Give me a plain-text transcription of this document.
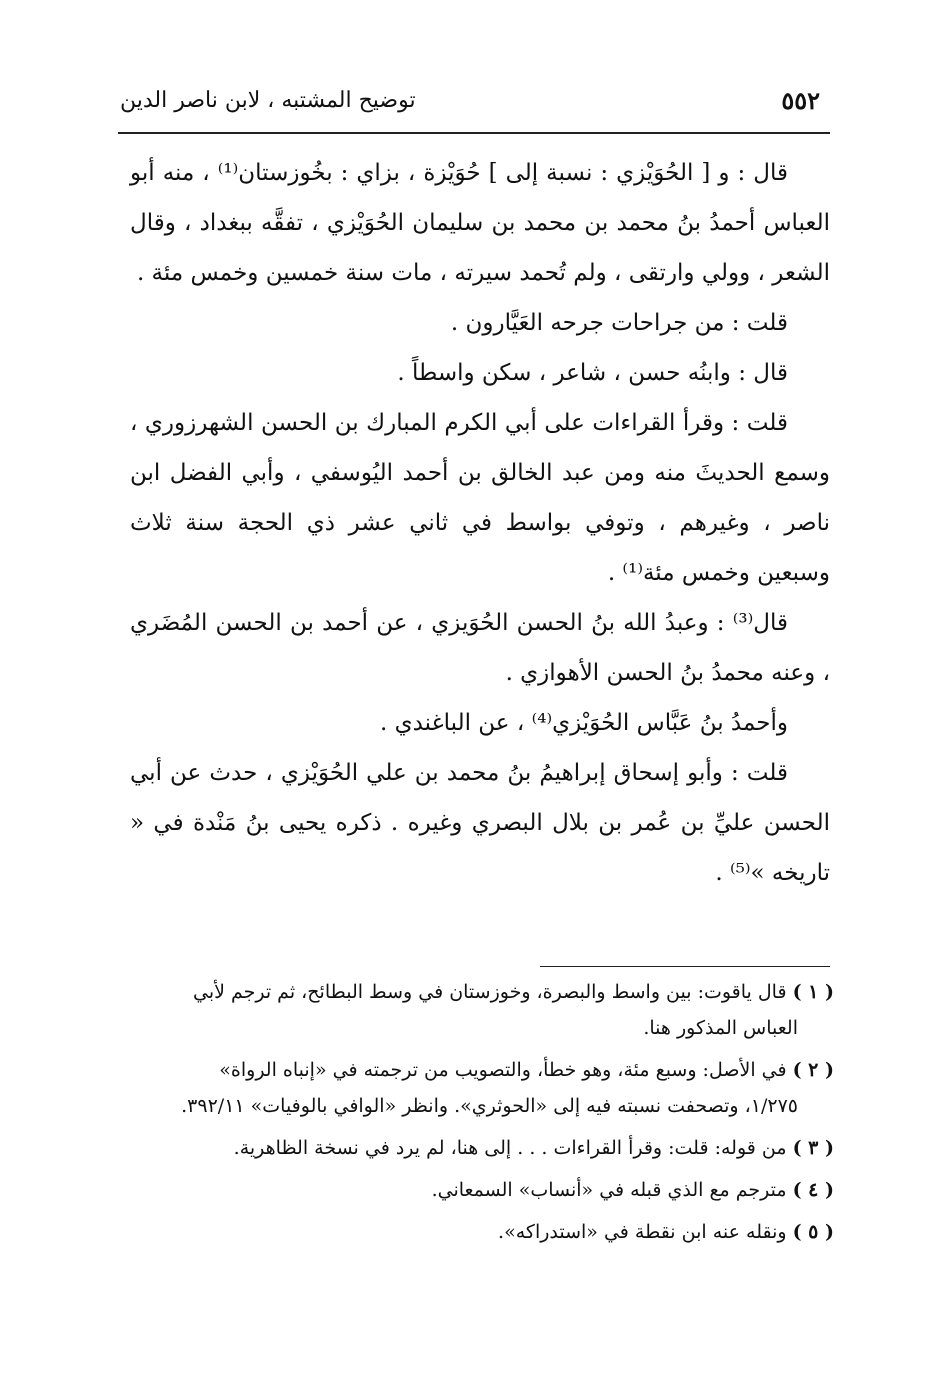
٥٥٢
توضيح المشتبه ، لابن ناصر الدين

قال : و [ الحُوَيْزي : نسبة إلى ] حُوَيْزة ، بزاي : بخُوزستان⁽¹⁾ ، منه أبو العباس أحمدُ بنُ محمد بن محمد بن سليمان الحُوَيْزي ، تفقَّه ببغداد ، وقال الشعر ، وولي وارتقى ، ولم تُحمد سيرته ، مات سنة خمسين وخمس مئة .

قلت : من جراحات جرحه العَيَّارون .

قال : وابنُه حسن ، شاعر ، سكن واسطاً .

قلت : وقرأ القراءات على أبي الكرم المبارك بن الحسن الشهرزوري ، وسمع الحديثَ منه ومن عبد الخالق بن أحمد اليُوسفي ، وأبي الفضل ابن ناصر ، وغيرهم ، وتوفي بواسط في ثاني عشر ذي الحجة سنة ثلاث وسبعين وخمس مئة⁽¹⁾ .

قال⁽³⁾ : وعبدُ الله بنُ الحسن الحُوَيزي ، عن أحمد بن الحسن المُضَري ، وعنه محمدُ بنُ الحسن الأهوازي .

وأحمدُ بنُ عَبَّاس الحُوَيْزي⁽⁴⁾ ، عن الباغندي .

قلت : وأبو إسحاق إبراهيمُ بنُ محمد بن علي الحُوَيْزي ، حدث عن أبي الحسن عليِّ بن عُمر بن بلال البصري وغيره . ذكره يحيى بنُ مَنْدة في « تاريخه »⁽⁵⁾ .

( ١ )قال ياقوت: بين واسط والبصرة، وخوزستان في وسط البطائح، ثم ترجم لأبي
العباس المذكور هنا.

( ٢ )في الأصل: وسبع مئة، وهو خطأ، والتصويب من ترجمته في «إنباه الرواة»
١/٢٧٥، وتصحفت نسبته فيه إلى «الحوثري». وانظر «الوافي بالوفيات» ٣٩٢/١١.

( ٣ )من قوله: قلت: وقرأ القراءات . . . إلى هنا، لم يرد في نسخة الظاهرية.

( ٤ )مترجم مع الذي قبله في «أنساب» السمعاني.

( ٥ )ونقله عنه ابن نقطة في «استدراكه».
